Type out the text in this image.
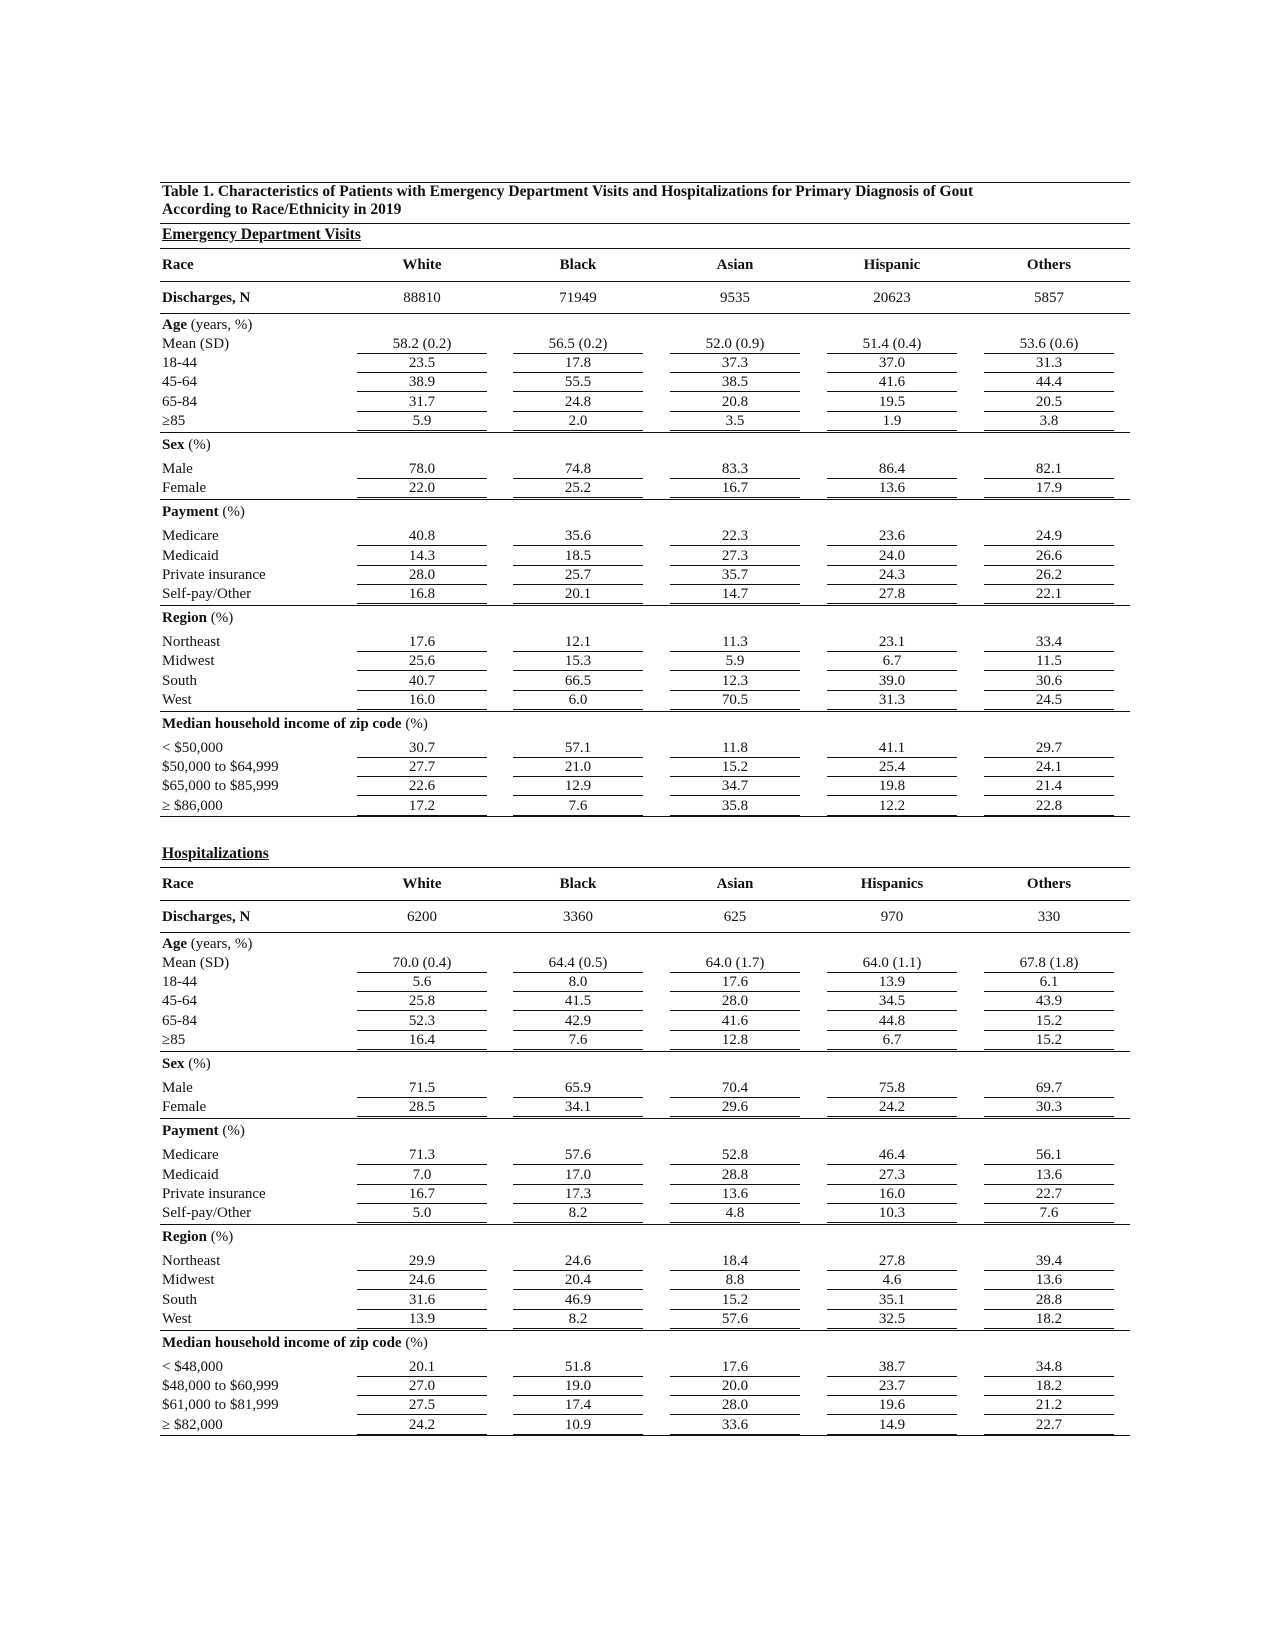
Table 1. Characteristics of Patients with Emergency Department Visits and Hospitalizations for Primary Diagnosis of Gout
According to Race/Ethnicity in 2019
Emergency Department Visits
Race	White	Black	Asian	Hispanic	Others
Discharges, N	88810	71949	9535	20623	5857
Age (years, %)
Mean (SD)	58.2 (0.2)	56.5 (0.2)	52.0 (0.9)	51.4 (0.4)	53.6 (0.6)
18-44	23.5	17.8	37.3	37.0	31.3
45-64	38.9	55.5	38.5	41.6	44.4
65-84	31.7	24.8	20.8	19.5	20.5
≥85	5.9	2.0	3.5	1.9	3.8
Sex (%)
Male	78.0	74.8	83.3	86.4	82.1
Female	22.0	25.2	16.7	13.6	17.9
Payment (%)
Medicare	40.8	35.6	22.3	23.6	24.9
Medicaid	14.3	18.5	27.3	24.0	26.6
Private insurance	28.0	25.7	35.7	24.3	26.2
Self-pay/Other	16.8	20.1	14.7	27.8	22.1
Region (%)
Northeast	17.6	12.1	11.3	23.1	33.4
Midwest	25.6	15.3	5.9	6.7	11.5
South	40.7	66.5	12.3	39.0	30.6
West	16.0	6.0	70.5	31.3	24.5
Median household income of zip code (%)
< $50,000	30.7	57.1	11.8	41.1	29.7
$50,000 to $64,999	27.7	21.0	15.2	25.4	24.1
$65,000 to $85,999	22.6	12.9	34.7	19.8	21.4
≥ $86,000	17.2	7.6	35.8	12.2	22.8
Hospitalizations
Race	White	Black	Asian	Hispanics	Others
Discharges, N	6200	3360	625	970	330
Age (years, %)
Mean (SD)	70.0 (0.4)	64.4 (0.5)	64.0 (1.7)	64.0 (1.1)	67.8 (1.8)
18-44	5.6	8.0	17.6	13.9	6.1
45-64	25.8	41.5	28.0	34.5	43.9
65-84	52.3	42.9	41.6	44.8	15.2
≥85	16.4	7.6	12.8	6.7	15.2
Sex (%)
Male	71.5	65.9	70.4	75.8	69.7
Female	28.5	34.1	29.6	24.2	30.3
Payment (%)
Medicare	71.3	57.6	52.8	46.4	56.1
Medicaid	7.0	17.0	28.8	27.3	13.6
Private insurance	16.7	17.3	13.6	16.0	22.7
Self-pay/Other	5.0	8.2	4.8	10.3	7.6
Region (%)
Northeast	29.9	24.6	18.4	27.8	39.4
Midwest	24.6	20.4	8.8	4.6	13.6
South	31.6	46.9	15.2	35.1	28.8
West	13.9	8.2	57.6	32.5	18.2
Median household income of zip code (%)
< $48,000	20.1	51.8	17.6	38.7	34.8
$48,000 to $60,999	27.0	19.0	20.0	23.7	18.2
$61,000 to $81,999	27.5	17.4	28.0	19.6	21.2
≥ $82,000	24.2	10.9	33.6	14.9	22.7
